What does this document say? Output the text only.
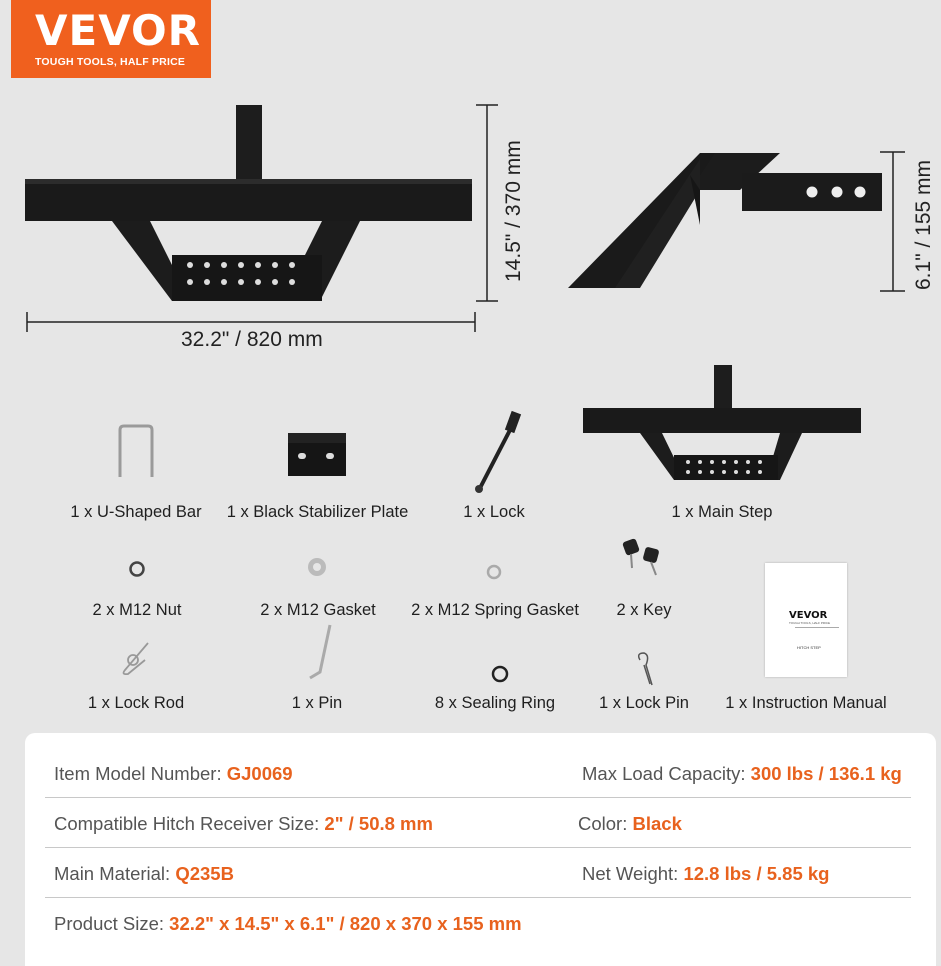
VEVOR
TOUGH TOOLS, HALF PRICE
32.2" / 820 mm
14.5" / 370 mm	6.1" / 155 mm
VEVOR
TOUGH TOOLS, HALF PRICE
HITCH STEP
1 x U-Shaped Bar	1 x Black Stabilizer Plate	1 x Lock	1 x Main Step
2 x M12 Nut	2 x M12 Gasket	2 x M12 Spring Gasket	2 x Key
1 x Lock Rod	1 x Pin	8 x Sealing Ring	1 x Lock Pin	1 x Instruction Manual
Item Model Number: GJ0069	Max Load Capacity: 300 lbs / 136.1 kg
Compatible Hitch Receiver Size: 2" / 50.8 mm	Color: Black
Main Material: Q235B	Net Weight: 12.8 lbs / 5.85 kg
Product Size: 32.2" x 14.5" x 6.1" / 820 x 370 x 155 mm
